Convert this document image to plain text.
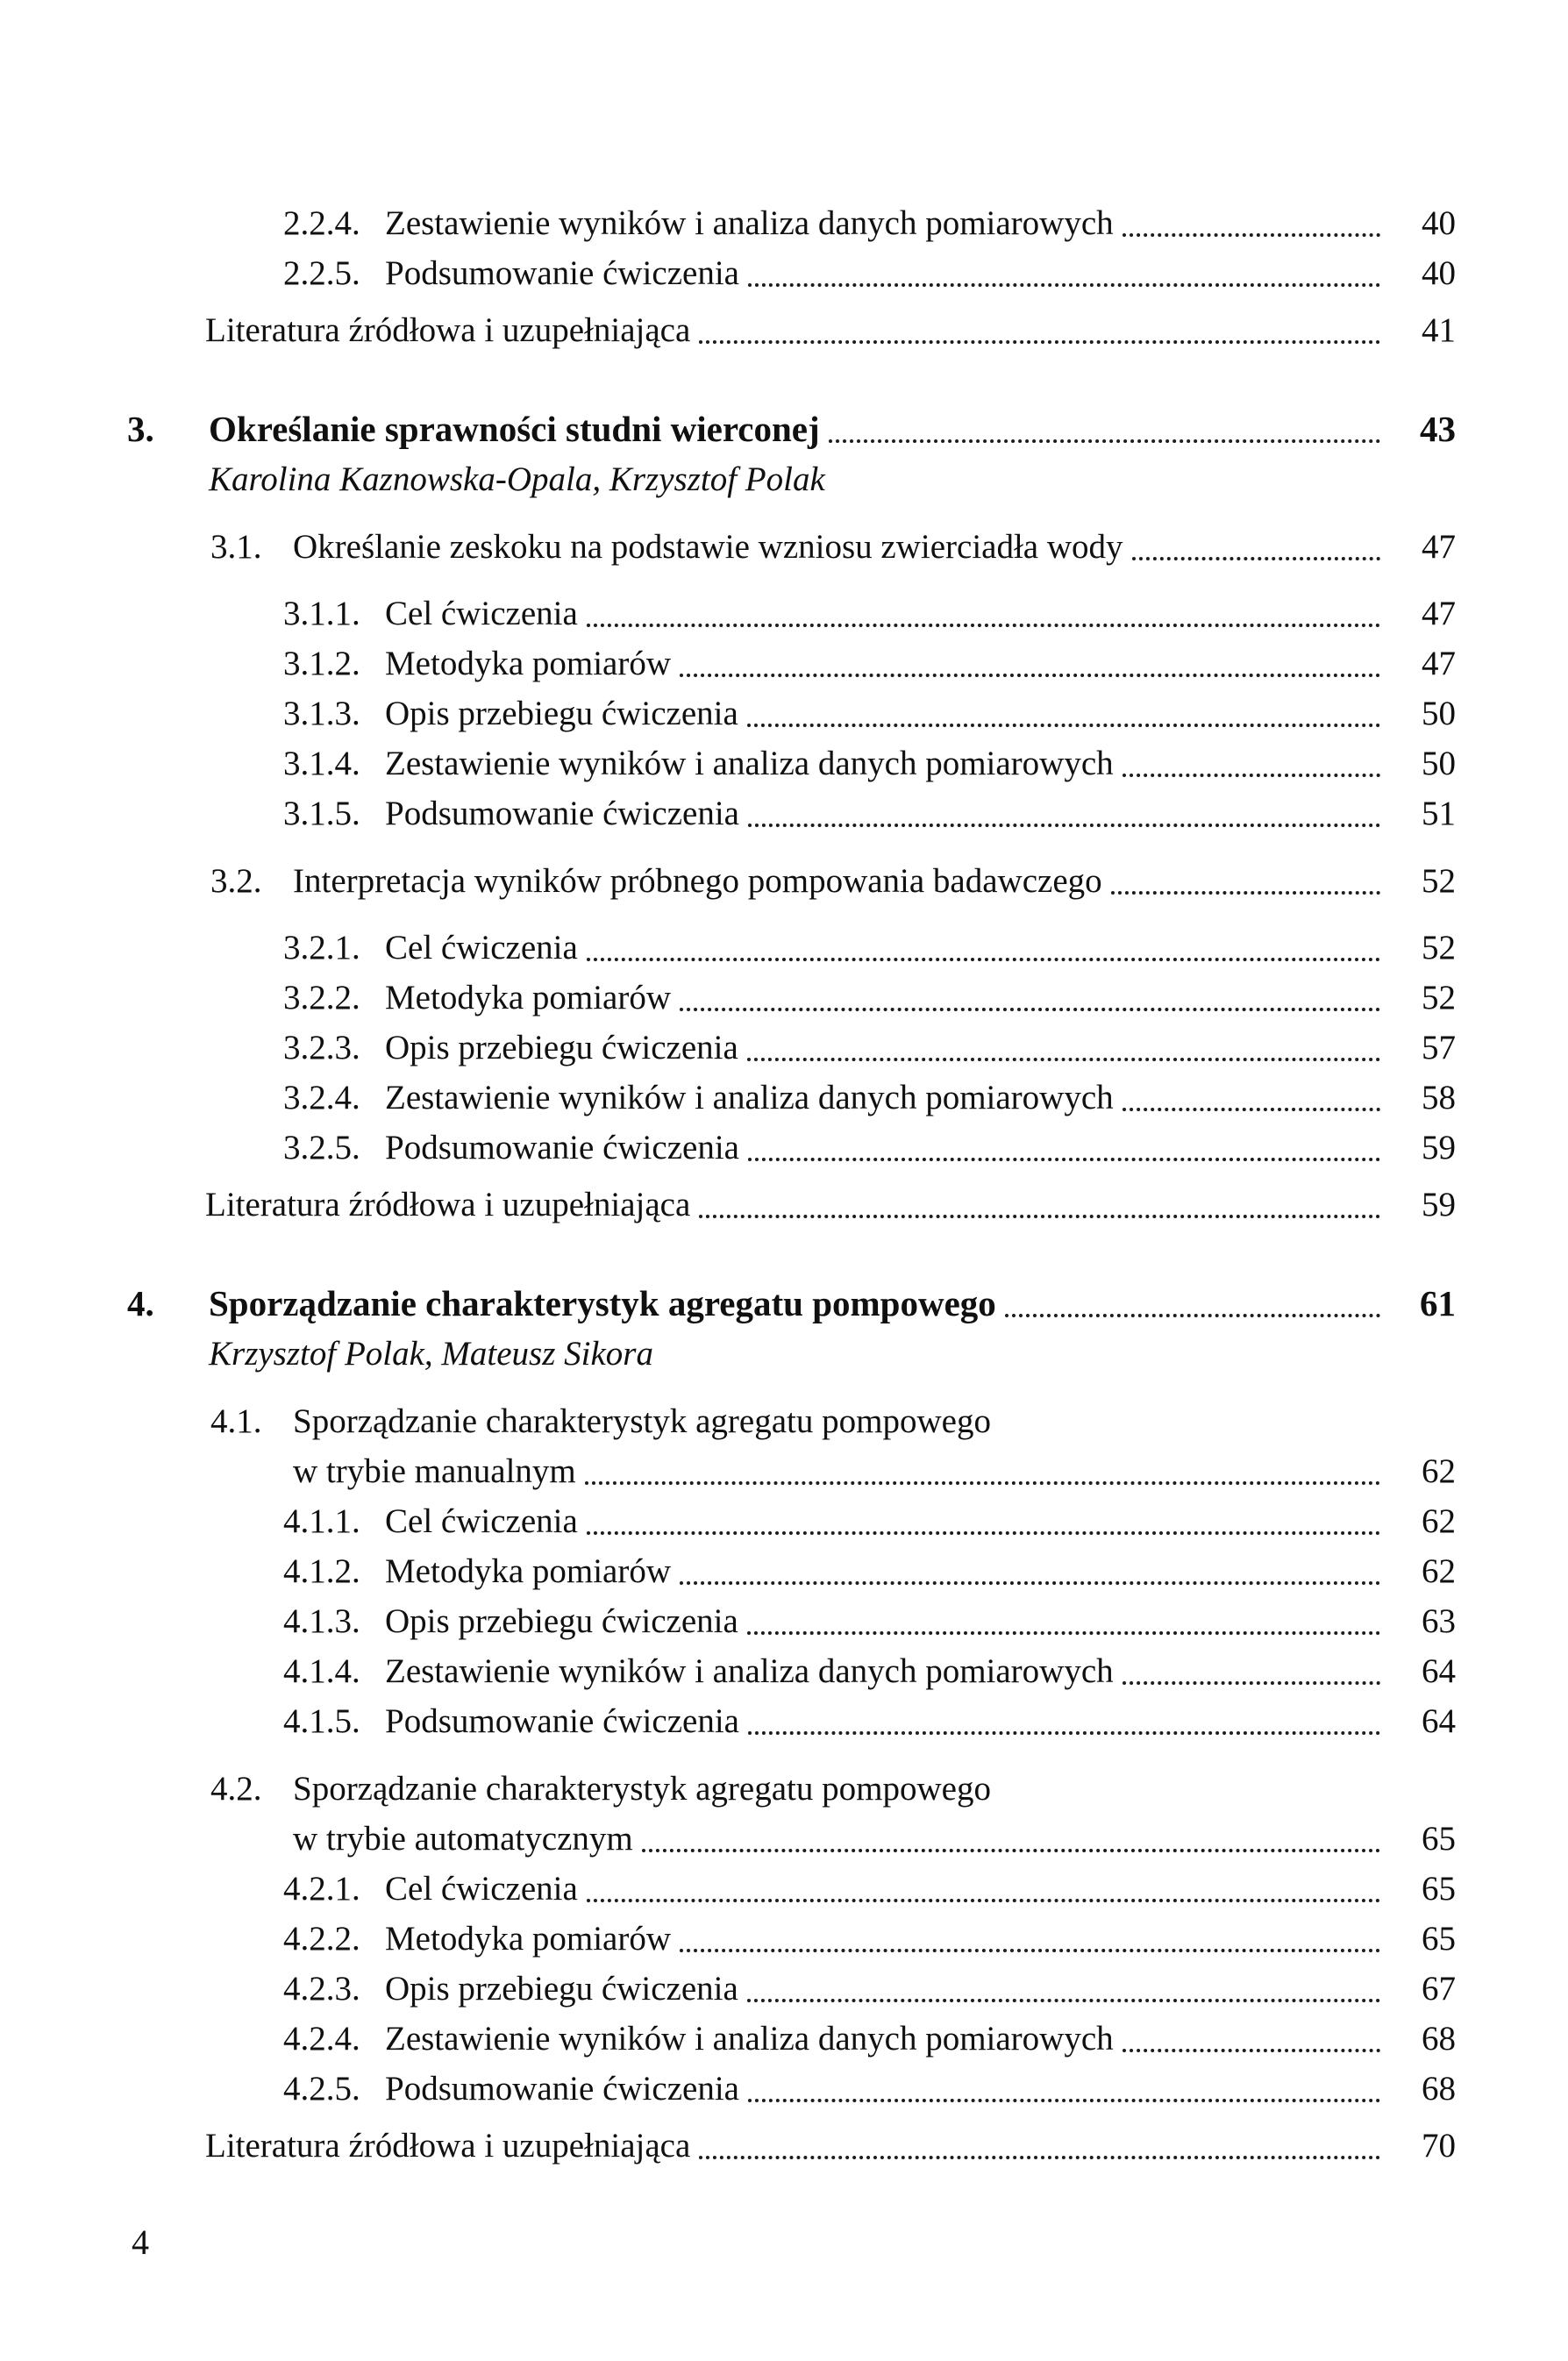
2.2.4. Zestawienie wyników i analiza danych pomiarowych	40
2.2.5. Podsumowanie ćwiczenia	40
Literatura źródłowa i uzupełniająca	41
3.	Określanie sprawności studni wierconej	43
Karolina Kaznowska-Opala, Krzysztof Polak
3.1. Określanie zeskoku na podstawie wzniosu zwierciadła wody	47
3.1.1. Cel ćwiczenia	47
3.1.2. Metodyka pomiarów	47
3.1.3. Opis przebiegu ćwiczenia	50
3.1.4. Zestawienie wyników i analiza danych pomiarowych	50
3.1.5. Podsumowanie ćwiczenia	51
3.2. Interpretacja wyników próbnego pompowania badawczego	52
3.2.1. Cel ćwiczenia	52
3.2.2. Metodyka pomiarów	52
3.2.3. Opis przebiegu ćwiczenia	57
3.2.4. Zestawienie wyników i analiza danych pomiarowych	58
3.2.5. Podsumowanie ćwiczenia	59
Literatura źródłowa i uzupełniająca	59
4.	Sporządzanie charakterystyk agregatu pompowego	61
Krzysztof Polak, Mateusz Sikora
4.1. Sporządzanie charakterystyk agregatu pompowego
w trybie manualnym	62
4.1.1. Cel ćwiczenia	62
4.1.2. Metodyka pomiarów	62
4.1.3. Opis przebiegu ćwiczenia	63
4.1.4. Zestawienie wyników i analiza danych pomiarowych	64
4.1.5. Podsumowanie ćwiczenia	64
4.2. Sporządzanie charakterystyk agregatu pompowego
w trybie automatycznym	65
4.2.1. Cel ćwiczenia	65
4.2.2. Metodyka pomiarów	65
4.2.3. Opis przebiegu ćwiczenia	67
4.2.4. Zestawienie wyników i analiza danych pomiarowych	68
4.2.5. Podsumowanie ćwiczenia	68
Literatura źródłowa i uzupełniająca	70
4
